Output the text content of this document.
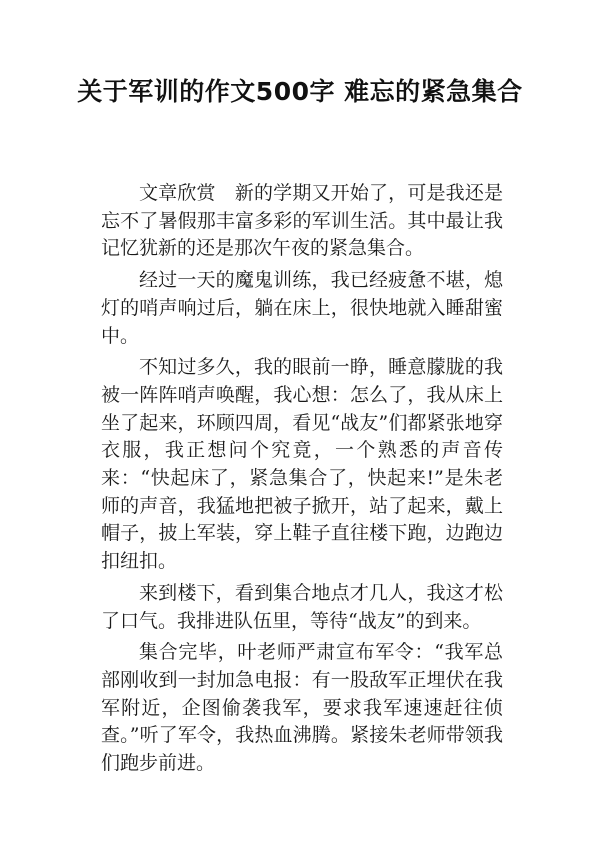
关于军训的作文500字 难忘的紧急集合

文章欣赏　新的学期又开始了，可是我还是忘不了暑假那丰富多彩的军训生活。其中最让我记忆犹新的还是那次午夜的紧急集合。

经过一天的魔鬼训练，我已经疲惫不堪，熄灯的哨声响过后，躺在床上，很快地就入睡甜蜜中。

不知过多久，我的眼前一睁，睡意朦胧的我被一阵阵哨声唤醒，我心想：怎么了，我从床上坐了起来，环顾四周，看见“战友”们都紧张地穿衣服，我正想问个究竟，一个熟悉的声音传来：“快起床了，紧急集合了，快起来!”是朱老师的声音，我猛地把被子掀开，站了起来，戴上帽子，披上军装，穿上鞋子直往楼下跑，边跑边扣纽扣。

来到楼下，看到集合地点才几人，我这才松了口气。我排进队伍里，等待“战友”的到来。

集合完毕，叶老师严肃宣布军令：“我军总部刚收到一封加急电报：有一股敌军正埋伏在我军附近，企图偷袭我军，要求我军速速赶往侦查。”听了军令，我热血沸腾。紧接朱老师带领我们跑步前进。
